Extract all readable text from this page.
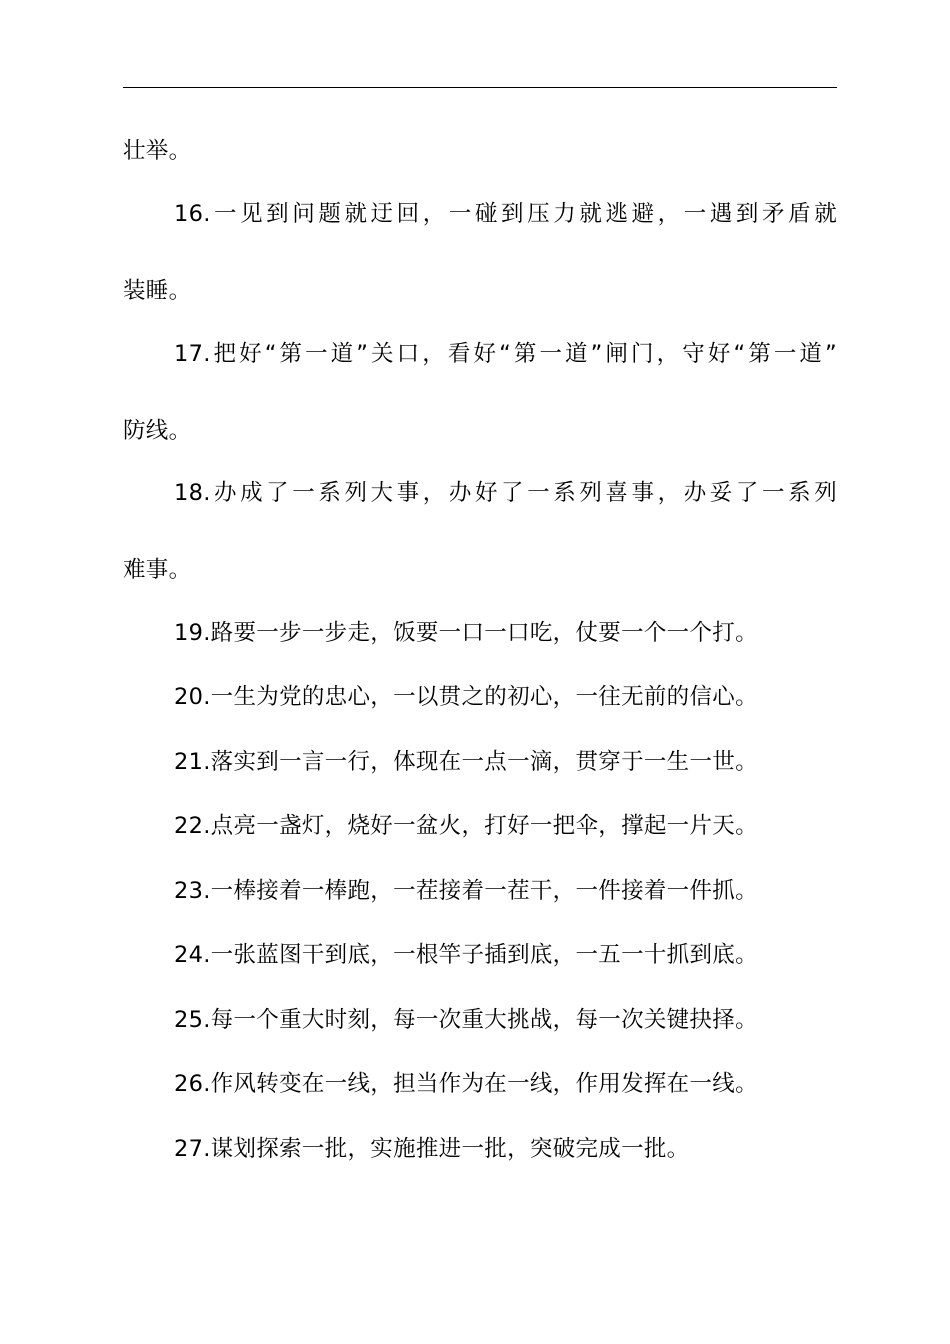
壮举。
16.一见到问题就迂回，一碰到压力就逃避，一遇到矛盾就
装睡。
17.把好“第一道”关口，看好“第一道”闸门，守好“第一道”
防线。
18.办成了一系列大事，办好了一系列喜事，办妥了一系列
难事。
19.路要一步一步走，饭要一口一口吃，仗要一个一个打。
20.一生为党的忠心，一以贯之的初心，一往无前的信心。
21.落实到一言一行，体现在一点一滴，贯穿于一生一世。
22.点亮一盏灯，烧好一盆火，打好一把伞，撑起一片天。
23.一棒接着一棒跑，一茬接着一茬干，一件接着一件抓。
24.一张蓝图干到底，一根竿子插到底，一五一十抓到底。
25.每一个重大时刻，每一次重大挑战，每一次关键抉择。
26.作风转变在一线，担当作为在一线，作用发挥在一线。
27.谋划探索一批，实施推进一批，突破完成一批。
